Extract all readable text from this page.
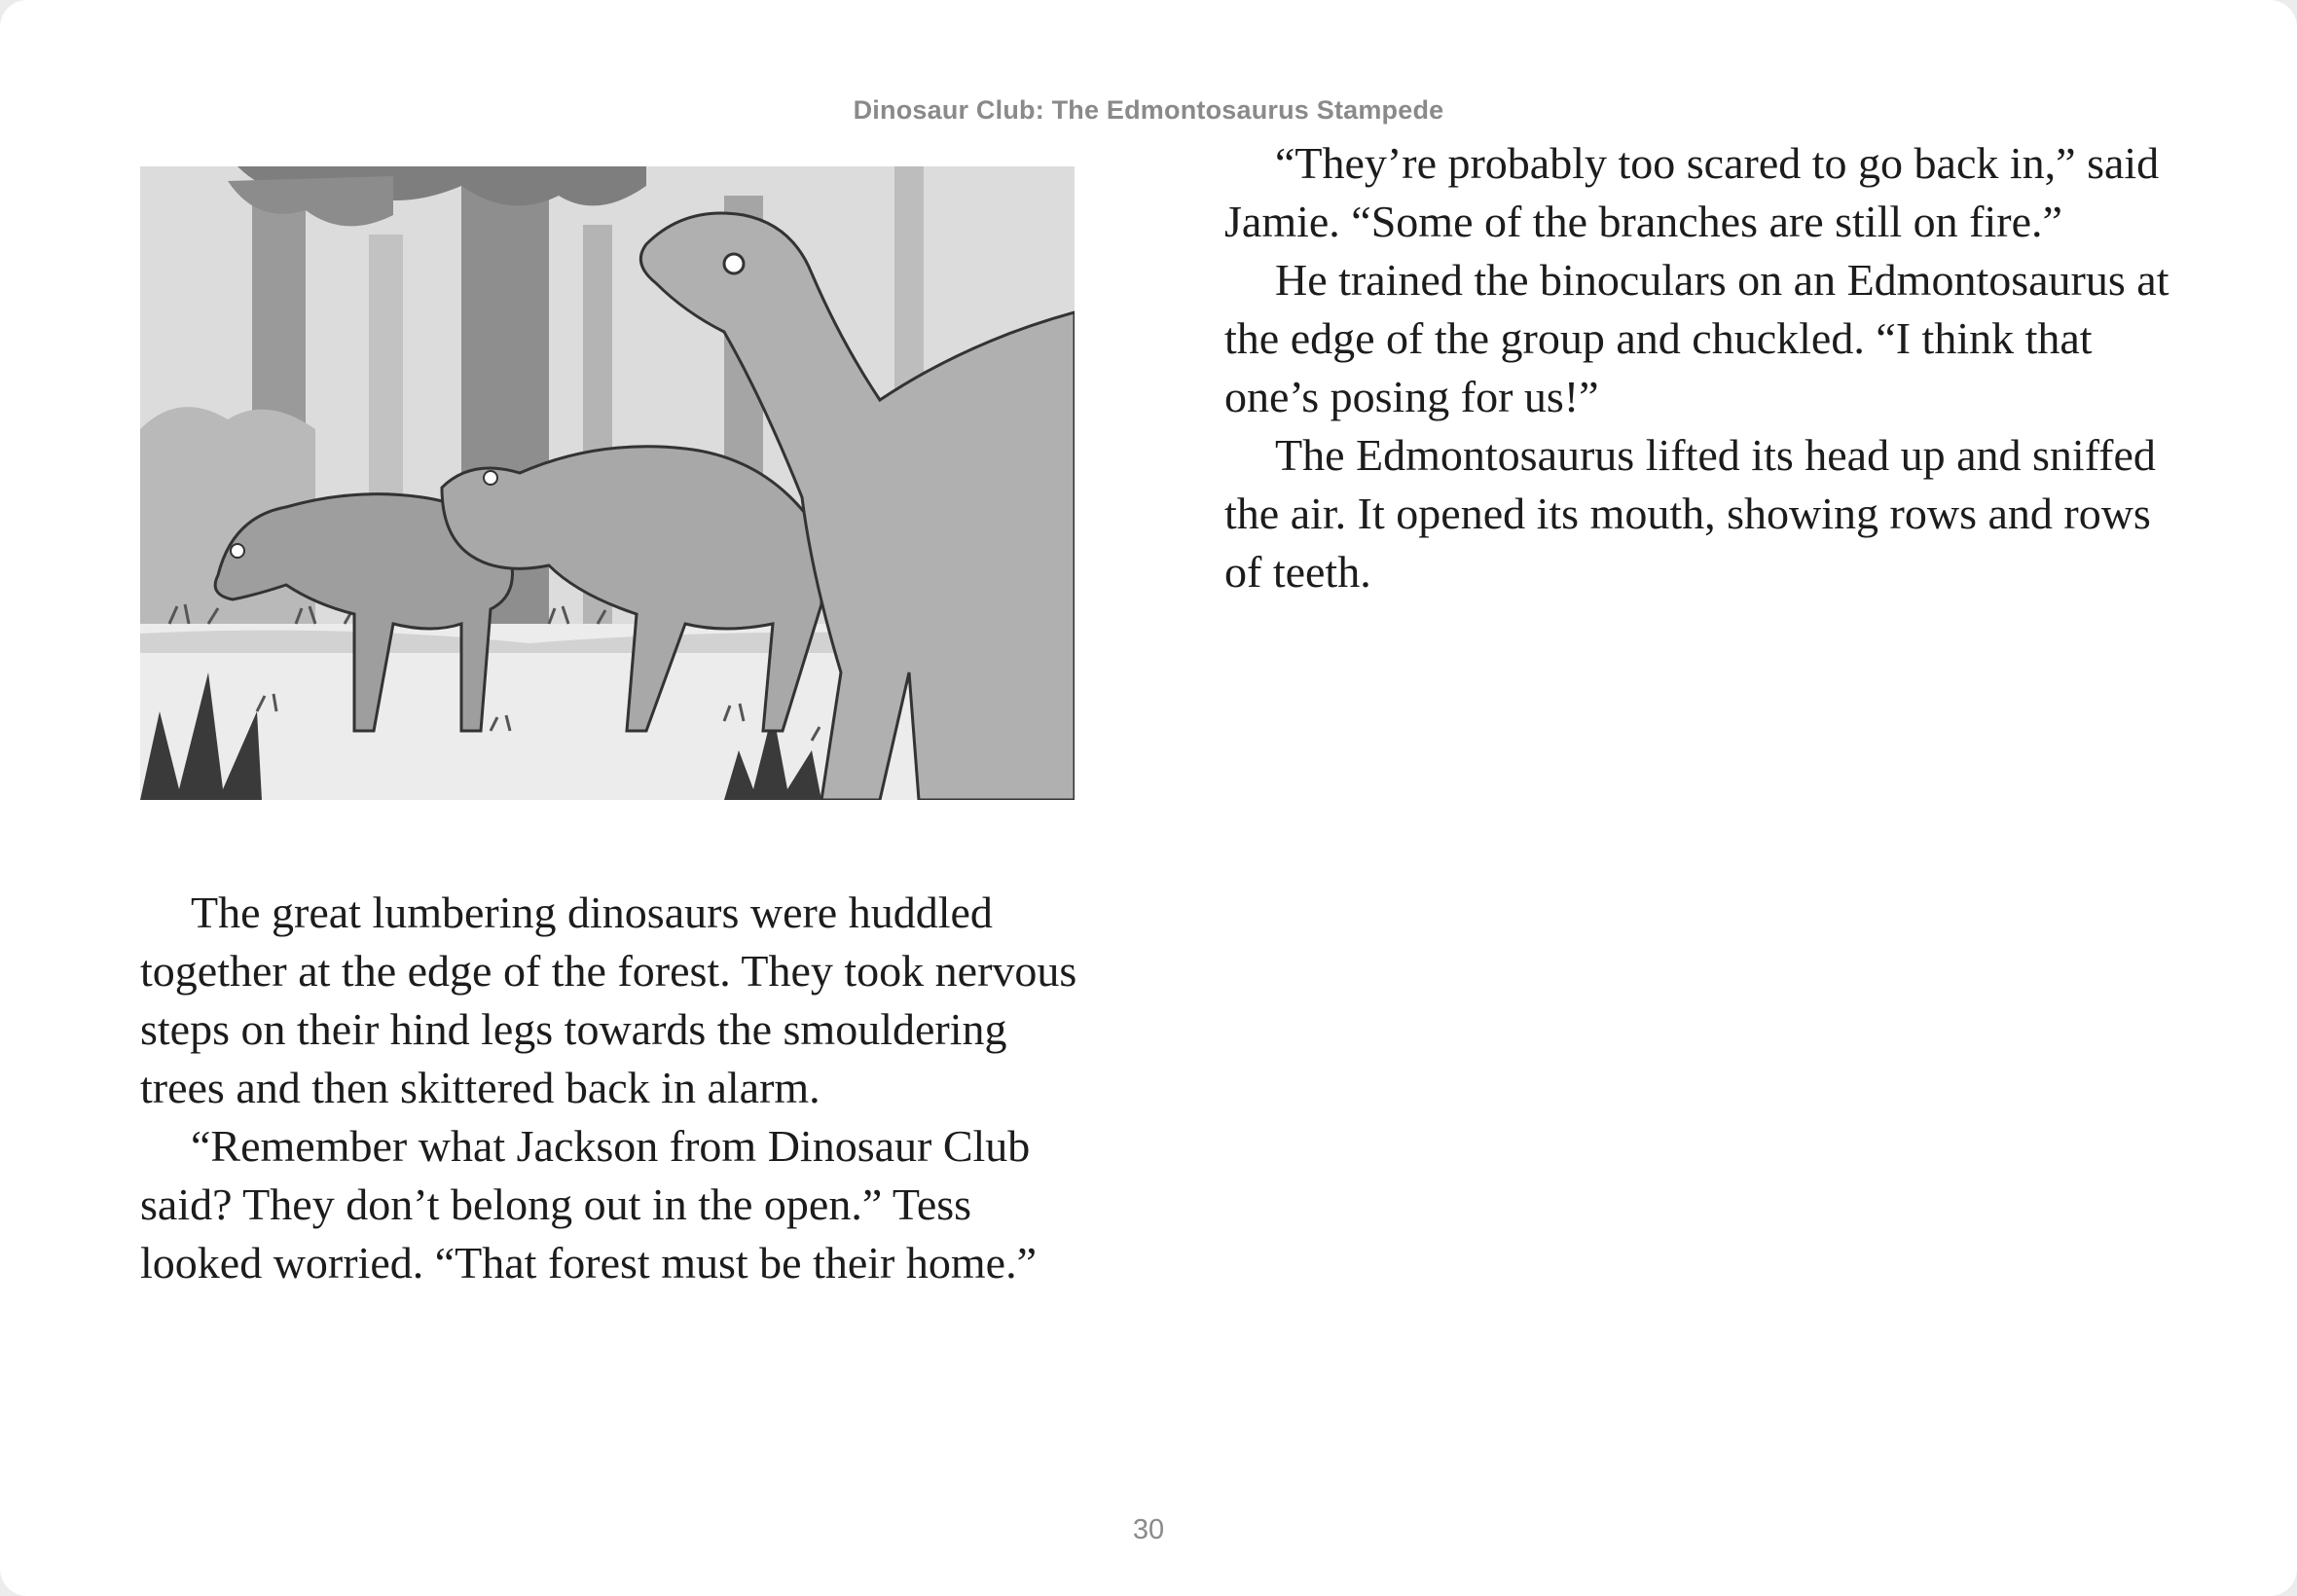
Dinosaur Club: The Edmontosaurus Stampede

The great lumbering dinosaurs were huddled together at the edge of the forest. They took nervous steps on their hind legs towards the smouldering trees and then skittered back in alarm.

“Remember what Jackson from Dinosaur Club said? They don’t belong out in the open.” Tess looked worried. “That forest must be their home.”

“They’re probably too scared to go back in,” said Jamie. “Some of the branches are still on fire.”

He trained the binoculars on an Edmontosaurus at the edge of the group and chuckled. “I think that one’s posing for us!”

The Edmontosaurus lifted its head up and sniffed the air. It opened its mouth, showing rows and rows of teeth.

30
